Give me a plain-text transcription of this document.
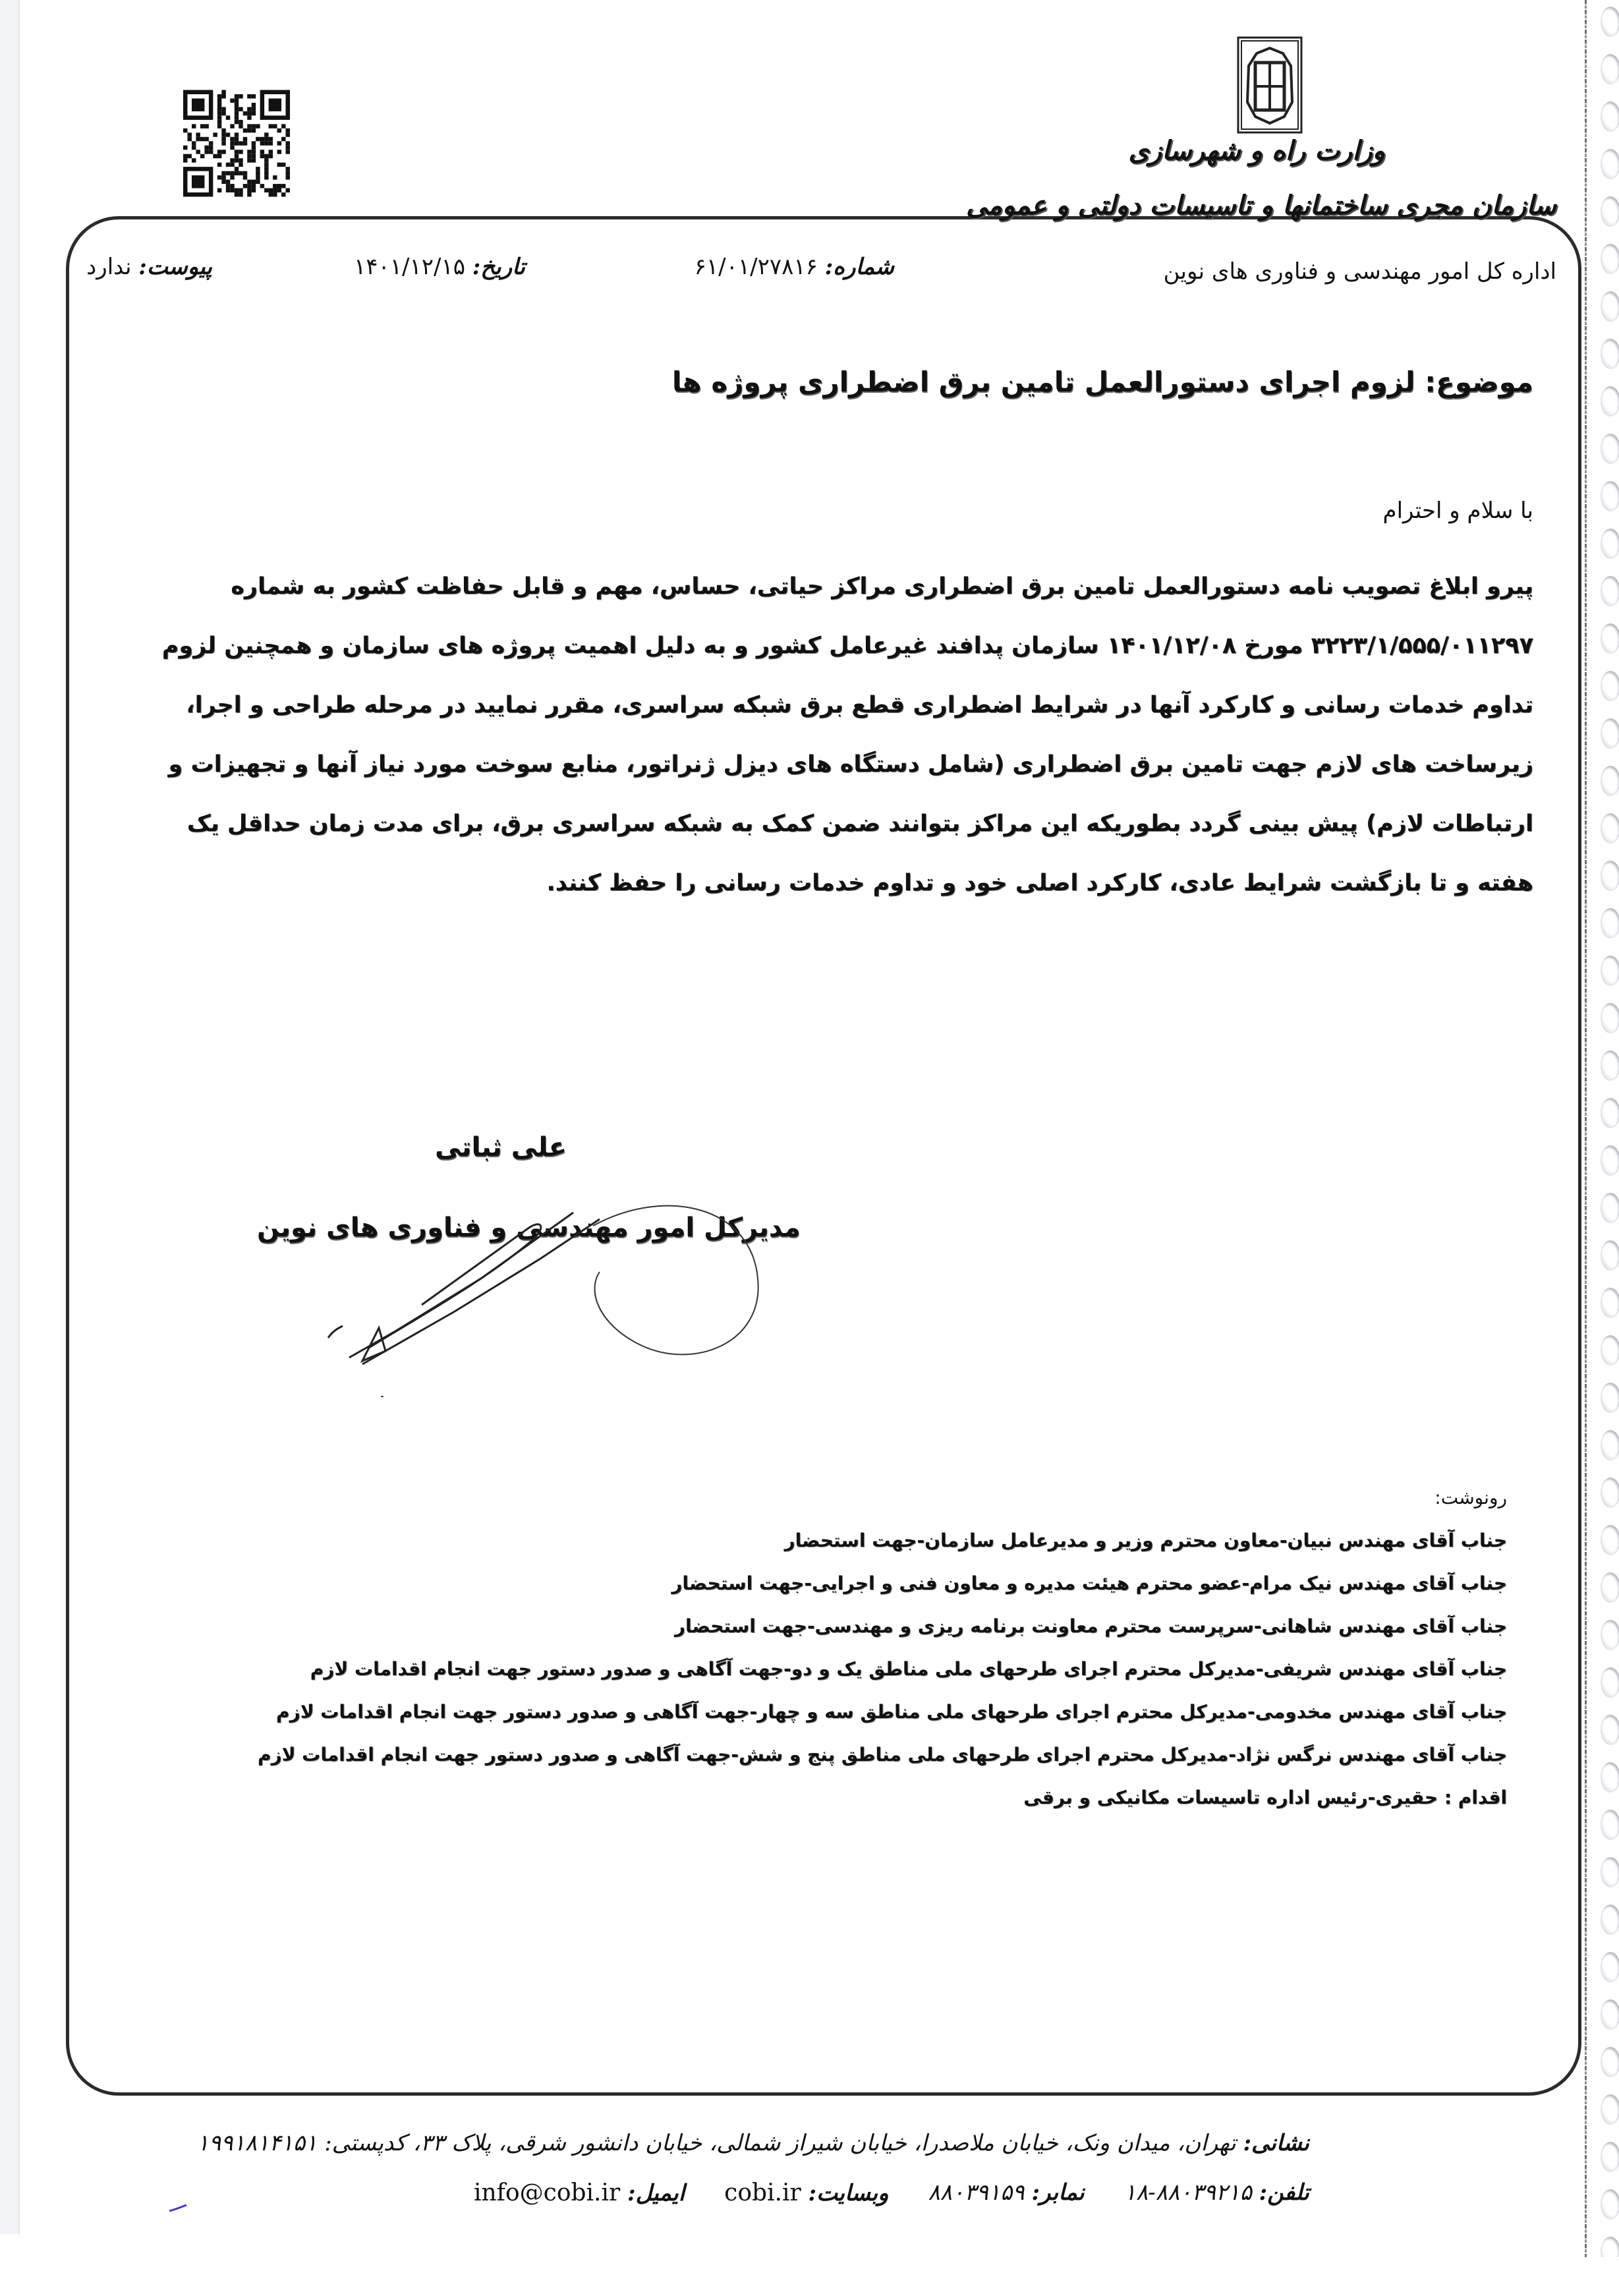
وزارت راه و شهرسازی
سازمان مجری ساختمانها و تاسیسات دولتی و عمومی
اداره کل امور مهندسی و فناوری های نوین
شماره: ۶۱/۰۱/۲۷۸۱۶
تاریخ: ۱۴۰۱/۱۲/۱۵
پیوست: ندارد
موضوع: لزوم اجرای دستورالعمل تامین برق اضطراری پروژه ها
با سلام و احترام

پیرو ابلاغ تصویب نامه دستورالعمل تامین برق اضطراری مراکز حیاتی، حساس، مهم و قابل حفاظت کشور به شماره

۳۲۲۳/۱/۵۵۵/۰۱۱۲۹۷ مورخ ۱۴۰۱/۱۲/۰۸ سازمان پدافند غیرعامل کشور و به دلیل اهمیت پروژه های سازمان و همچنین لزوم

تداوم خدمات رسانی و کارکرد آنها در شرایط اضطراری قطع برق شبکه سراسری، مقرر نمایید در مرحله طراحی و اجرا،

زیرساخت های لازم جهت تامین برق اضطراری (شامل دستگاه های دیزل ژنراتور، منابع سوخت مورد نیاز آنها و تجهیزات و

ارتباطات لازم) پیش بینی گردد بطوریکه این مراکز بتوانند ضمن کمک به شبکه سراسری برق، برای مدت زمان حداقل یک

هفته و تا بازگشت شرایط عادی، کارکرد اصلی خود و تداوم خدمات رسانی را حفظ کنند.

علی ثباتی
مدیرکل امور مهندسی و فناوری های نوین
رونوشت:
جناب آقای مهندس نبیان-معاون محترم وزیر و مدیرعامل سازمان-جهت استحضار
جناب آقای مهندس نیک مرام-عضو محترم هیئت مدیره و معاون فنی و اجرایی-جهت استحضار
جناب آقای مهندس شاهانی-سرپرست محترم معاونت برنامه ریزی و مهندسی-جهت استحضار
جناب آقای مهندس شریفی-مدیرکل محترم اجرای طرحهای ملی مناطق یک و دو-جهت آگاهی و صدور دستور جهت انجام اقدامات لازم
جناب آقای مهندس مخدومی-مدیرکل محترم اجرای طرحهای ملی مناطق سه و چهار-جهت آگاهی و صدور دستور جهت انجام اقدامات لازم
جناب آقای مهندس نرگس نژاد-مدیرکل محترم اجرای طرحهای ملی مناطق پنج و شش-جهت آگاهی و صدور دستور جهت انجام اقدامات لازم
اقدام : حقیری-رئیس اداره تاسیسات مکانیکی و برقی
نشانی: تهران، میدان ونک، خیابان ملاصدرا، خیابان شیراز شمالی، خیابان دانشور شرقی، پلاک ۳۳، کدپستی: ۱۹۹۱۸۱۴۱۵۱
تلفن: ۸۸۰۳۹۲۱۵-۱۸
نمابر: ۸۸۰۳۹۱۵۹
وبسایت: cobi.ir
ایمیل: info@cobi.ir
